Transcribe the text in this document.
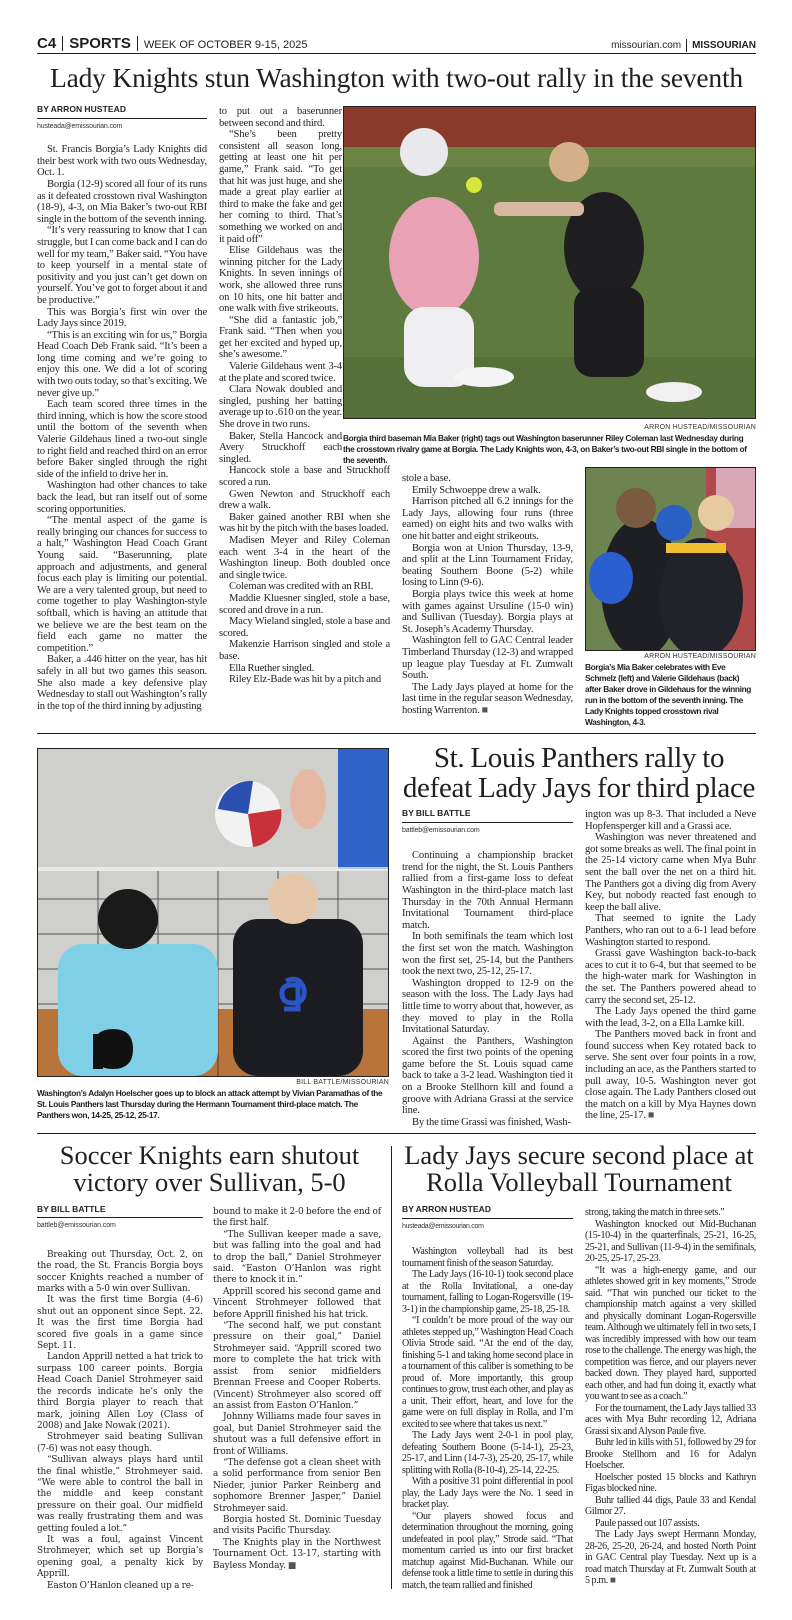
C4 SPORTS WEEK OF OCTOBER 9-15, 2025	missourian.com MISSOURIAN
Lady Knights stun Washington with two-out rally in the seventh
BY ARRON HUSTEAD
husteada@emissourian.com

St. Francis Borgia’s Lady Knights did their best work with two outs Wednesday, Oct. 1.

Borgia (12-9) scored all four of its runs as it defeated crosstown rival Washington (18-9), 4-3, on Mia Baker’s two-out RBI single in the bottom of the seventh inning.

“It’s very reassuring to know that I can struggle, but I can come back and I can do well for my team,” Baker said. “You have to keep yourself in a mental state of positivity and you just can’t get down on yourself. You’ve got to forget about it and be productive.”

This was Borgia’s first win over the Lady Jays since 2019.

“This is an exciting win for us,” Borgia Head Coach Deb Frank said. “It’s been a long time coming and we’re going to enjoy this one. We did a lot of scoring with two outs today, so that’s exciting. We never give up.”

Each team scored three times in the third inning, which is how the score stood until the bottom of the seventh when Valerie Gildehaus lined a two-out single to right field and reached third on an error before Baker singled through the right side of the infield to drive her in.

Washington had other chances to take back the lead, but ran itself out of some scoring opportunities.

“The mental aspect of the game is really bringing our chances for success to a halt,” Washington Head Coach Grant Young said. “Baserunning, plate approach and adjustments, and general focus each play is limiting our potential. We are a very talented group, but need to come together to play Washington-style softball, which is having an attitude that we believe we are the best team on the field each game no matter the competition.”

Baker, a .446 hitter on the year, has hit safely in all but two games this season. She also made a key defensive play Wednesday to stall out Washington’s rally in the top of the third inning by adjusting

to put out a baserunner between second and third.

“She’s been pretty consistent all season long, getting at least one hit per game,” Frank said. “To get that hit was just huge, and she made a great play earlier at third to make the fake and get her coming to third. That’s something we worked on and it paid off”

Elise Gildehaus was the winning pitcher for the Lady Knights. In seven innings of work, she allowed three runs on 10 hits, one hit batter and one walk with five strikeouts.

“She did a fantastic job,” Frank said. “Then when you get her excited and hyped up, she’s awesome.”

Valerie Gildehaus went 3-4 at the plate and scored twice.

Clara Nowak doubled and singled, pushing her batting average up to .610 on the year. She drove in two runs.

Baker, Stella Hancock and Avery Struckhoff each singled.

Hancock stole a base and Struckhoff scored a run.

Gwen Newton and Struckhoff each drew a walk.

Baker gained another RBI when she was hit by the pitch with the bases loaded.

Madisen Meyer and Riley Coleman each went 3-4 in the heart of the Washington lineup. Both doubled once and single twice.

Coleman was credited with an RBI.

Maddie Kluesner singled, stole a base, scored and drove in a run.

Macy Wieland singled, stole a base and scored.

Makenzie Harrison singled and stole a base.

Ella Ruether singled.

Riley Elz-Bade was hit by a pitch and

stole a base.

Emily Schwoeppe drew a walk.

Harrison pitched all 6.2 innings for the Lady Jays, allowing four runs (three earned) on eight hits and two walks with one hit batter and eight strikeouts.

Borgia won at Union Thursday, 13-9, and split at the Linn Tournament Friday, beating Southern Boone (5-2) while losing to Linn (9-6).

Borgia plays twice this week at home with games against Ursuline (15-0 win) and Sullivan (Tuesday). Borgia plays at St. Joseph’s Academy Thursday.

Washington fell to GAC Central leader Timberland Thursday (12-3) and wrapped up league play Tuesday at Ft. Zumwalt South.

The Lady Jays played at home for the last time in the regular season Wednesday, hosting Warrenton. ■

ARRON HUSTEAD/MISSOURIAN
Borgia third baseman Mia Baker (right) tags out Washington baserunner Riley Coleman last Wednesday during the crosstown rivalry game at Borgia. The Lady Knights won, 4-3, on Baker’s two-out RBI single in the bottom of the seventh.
ARRON HUSTEAD/MISSOURIAN
Borgia’s Mia Baker celebrates with Eve Schmelz (left) and Valerie Gildehaus (back) after Baker drove in Gildehaus for the winning run in the bottom of the seventh inning. The Lady Knights topped crosstown rival Washington, 4-3.
BILL BATTLE/MISSOURIAN
Washington’s Adalyn Hoelscher goes up to block an attack attempt by Vivian Paramathas of the St. Louis Panthers last Thursday during the Hermann Tournament third-place match. The Panthers won, 14-25, 25-12, 25-17.
St. Louis Panthers rally to defeat Lady Jays for third place
BY BILL BATTLE
battleb@emissourian.com

Continuing a championship bracket trend for the night, the St. Louis Panthers rallied from a first-game loss to defeat Washington in the third-place match last Thursday in the 70th Annual Hermann Invitational Tournament third-place match.

In both semifinals the team which lost the first set won the match. Washington won the first set, 25-14, but the Panthers took the next two, 25-12, 25-17.

Washington dropped to 12-9 on the season with the loss. The Lady Jays had little time to worry about that, however, as they moved to play in the Rolla Invitational Saturday.

Against the Panthers, Washington scored the first two points of the opening game before the St. Louis squad came back to take a 3-2 lead. Washington tied it on a Brooke Stellhorn kill and found a groove with Adriana Grassi at the service line.

By the time Grassi was finished, Wash-

ington was up 8-3. That included a Neve Hopfensperger kill and a Grassi ace.

Washington was never threatened and got some breaks as well. The final point in the 25-14 victory came when Mya Buhr sent the ball over the net on a third hit. The Panthers got a diving dig from Avery Key, but nobody reacted fast enough to keep the ball alive.

That seemed to ignite the Lady Panthers, who ran out to a 6-1 lead before Washington started to respond.

Grassi gave Washington back-to-back aces to cut it to 6-4, but that seemed to be the high-water mark for Washington in the set. The Panthers powered ahead to carry the second set, 25-12.

The Lady Jays opened the third game with the lead, 3-2, on a Ella Lamke kill.

The Panthers moved back in front and found success when Key rotated back to serve. She sent over four points in a row, including an ace, as the Panthers started to pull away, 10-5. Washington never got close again. The Lady Panthers closed out the match on a kill by Mya Haynes down the line, 25-17. ■

Soccer Knights earn shutout victory over Sullivan, 5-0
BY BILL BATTLE
battleb@emissourian.com

Breaking out Thursday, Oct. 2, on the road, the St. Francis Borgia boys soccer Knights reached a number of marks with a 5-0 win over Sullivan.

It was the first time Borgia (4-6) shut out an opponent since Sept. 22. It was the first time Borgia had scored five goals in a game since Sept. 11.

Landon Apprill netted a hat trick to surpass 100 career points. Borgia Head Coach Daniel Strohmeyer said the records indicate he’s only the third Borgia player to reach that mark, joining Allen Loy (Class of 2008) and Jake Nowak (2021).

Strohmeyer said beating Sullivan (7-6) was not easy though.

“Sullivan always plays hard until the final whistle,” Strohmeyer said. “We were able to control the ball in the middle and keep constant pressure on their goal. Our midfield was really frustrating them and was getting fouled a lot.”

It was a foul, against Vincent Strohmeyer, which set up Borgia’s opening goal, a penalty kick by Apprill.

Easton O’Hanlon cleaned up a re-

bound to make it 2-0 before the end of the first half.

“The Sullivan keeper made a save, but was falling into the goal and had to drop the ball,” Daniel Strohmeyer said. “Easton O’Hanlon was right there to knock it in.”

Apprill scored his second game and Vincent Strohmeyer followed that before Apprill finished his hat trick.

“The second half, we put constant pressure on their goal,” Daniel Strohmeyer said. “Apprill scored two more to complete the hat trick with assist from senior midfielders Brennan Freese and Cooper Roberts. (Vincent) Strohmeyer also scored off an assist from Easton O’Hanlon.”

Johnny Williams made four saves in goal, but Daniel Strohmeyer said the shutout was a full defensive effort in front of Williams.

“The defense got a clean sheet with a solid performance from senior Ben Nieder, junior Parker Reinberg and sophomore Brenner Jasper,” Daniel Strohmeyer said.

Borgia hosted St. Dominic Tuesday and visits Pacific Thursday.

The Knights play in the Northwest Tournament Oct. 13-17, starting with Bayless Monday. ■

Lady Jays secure second place at Rolla Volleyball Tournament
BY ARRON HUSTEAD
husteada@emissourian.com

Washington volleyball had its best tournament finish of the season Saturday.

The Lady Jays (16-10-1) took second place at the Rolla Invitational, a one-day tournament, falling to Logan-Rogersville (19-3-1) in the championship game, 25-18, 25-18.

“I couldn’t be more proud of the way our athletes stepped up,” Washington Head Coach Olivia Strode said. “At the end of the day, finishing 5-1 and taking home second place in a tournament of this caliber is something to be proud of. More importantly, this group continues to grow, trust each other, and play as a unit. Their effort, heart, and love for the game were on full display in Rolla, and I’m excited to see where that takes us next.”

The Lady Jays went 2-0-1 in pool play, defeating Southern Boone (5-14-1), 25-23, 25-17, and Linn (14-7-3), 25-20, 25-17, while splitting with Rolla (8-10-4), 25-14, 22-25.

With a positive 31 point differential in pool play, the Lady Jays were the No. 1 seed in bracket play.

“Our players showed focus and determination throughout the morning, going undefeated in pool play,” Strode said. “That momentum carried us into our first bracket matchup against Mid-Buchanan. While our defense took a little time to settle in during this match, the team rallied and finished

strong, taking the match in three sets.”

Washington knocked out Mid-Buchanan (15-10-4) in the quarterfinals, 25-21, 16-25, 25-21, and Sullivan (11-9-4) in the semifinals, 20-25, 25-17, 25-23.

“It was a high-energy game, and our athletes showed grit in key moments,” Strode said. “That win punched our ticket to the championship match against a very skilled and physically dominant Logan-Rogersville team. Although we ultimately fell in two sets, I was incredibly impressed with how our team rose to the challenge. The energy was high, the competition was fierce, and our players never backed down. They played hard, supported each other, and had fun doing it, exactly what you want to see as a coach.”

For the tournament, the Lady Jays tallied 33 aces with Mya Buhr recording 12, Adriana Grassi six and Alyson Paule five.

Buhr led in kills with 51, followed by 29 for Brooke Stellhorn and 16 for Adalyn Hoelscher.

Hoelscher posted 15 blocks and Kathryn Figas blocked nine.

Buhr tallied 44 digs, Paule 33 and Kendal Gilmor 27.

Paule passed out 107 assists.

The Lady Jays swept Hermann Monday, 28-26, 25-20, 26-24, and hosted North Point in GAC Central play Tuesday. Next up is a road match Thursday at Ft. Zumwalt South at 5 p.m. ■
